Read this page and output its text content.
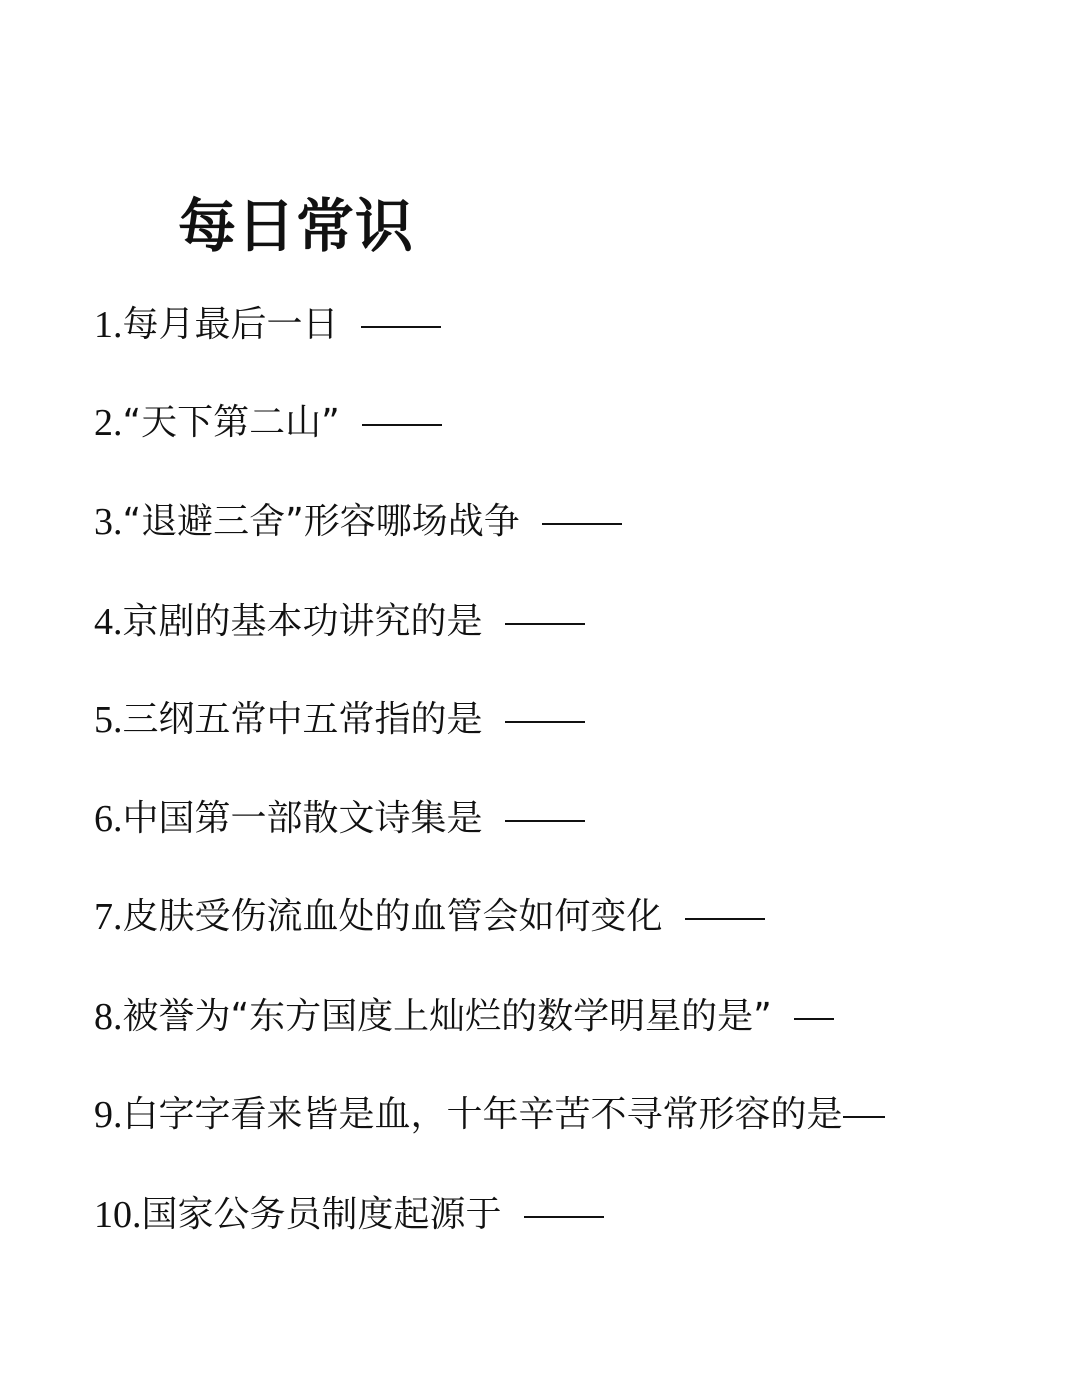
每日常识
1. 每月最后一日
2. “天下第二山”
3. “退避三舍”形容哪场战争
4. 京剧的基本功讲究的是
5. 三纲五常中五常指的是
6. 中国第一部散文诗集是
7. 皮肤受伤流血处的血管会如何变化
8. 被誉为“东方国度上灿烂的数学明星的是”
9. 白字字看来皆是血，十年辛苦不寻常形容的是
10. 国家公务员制度起源于
